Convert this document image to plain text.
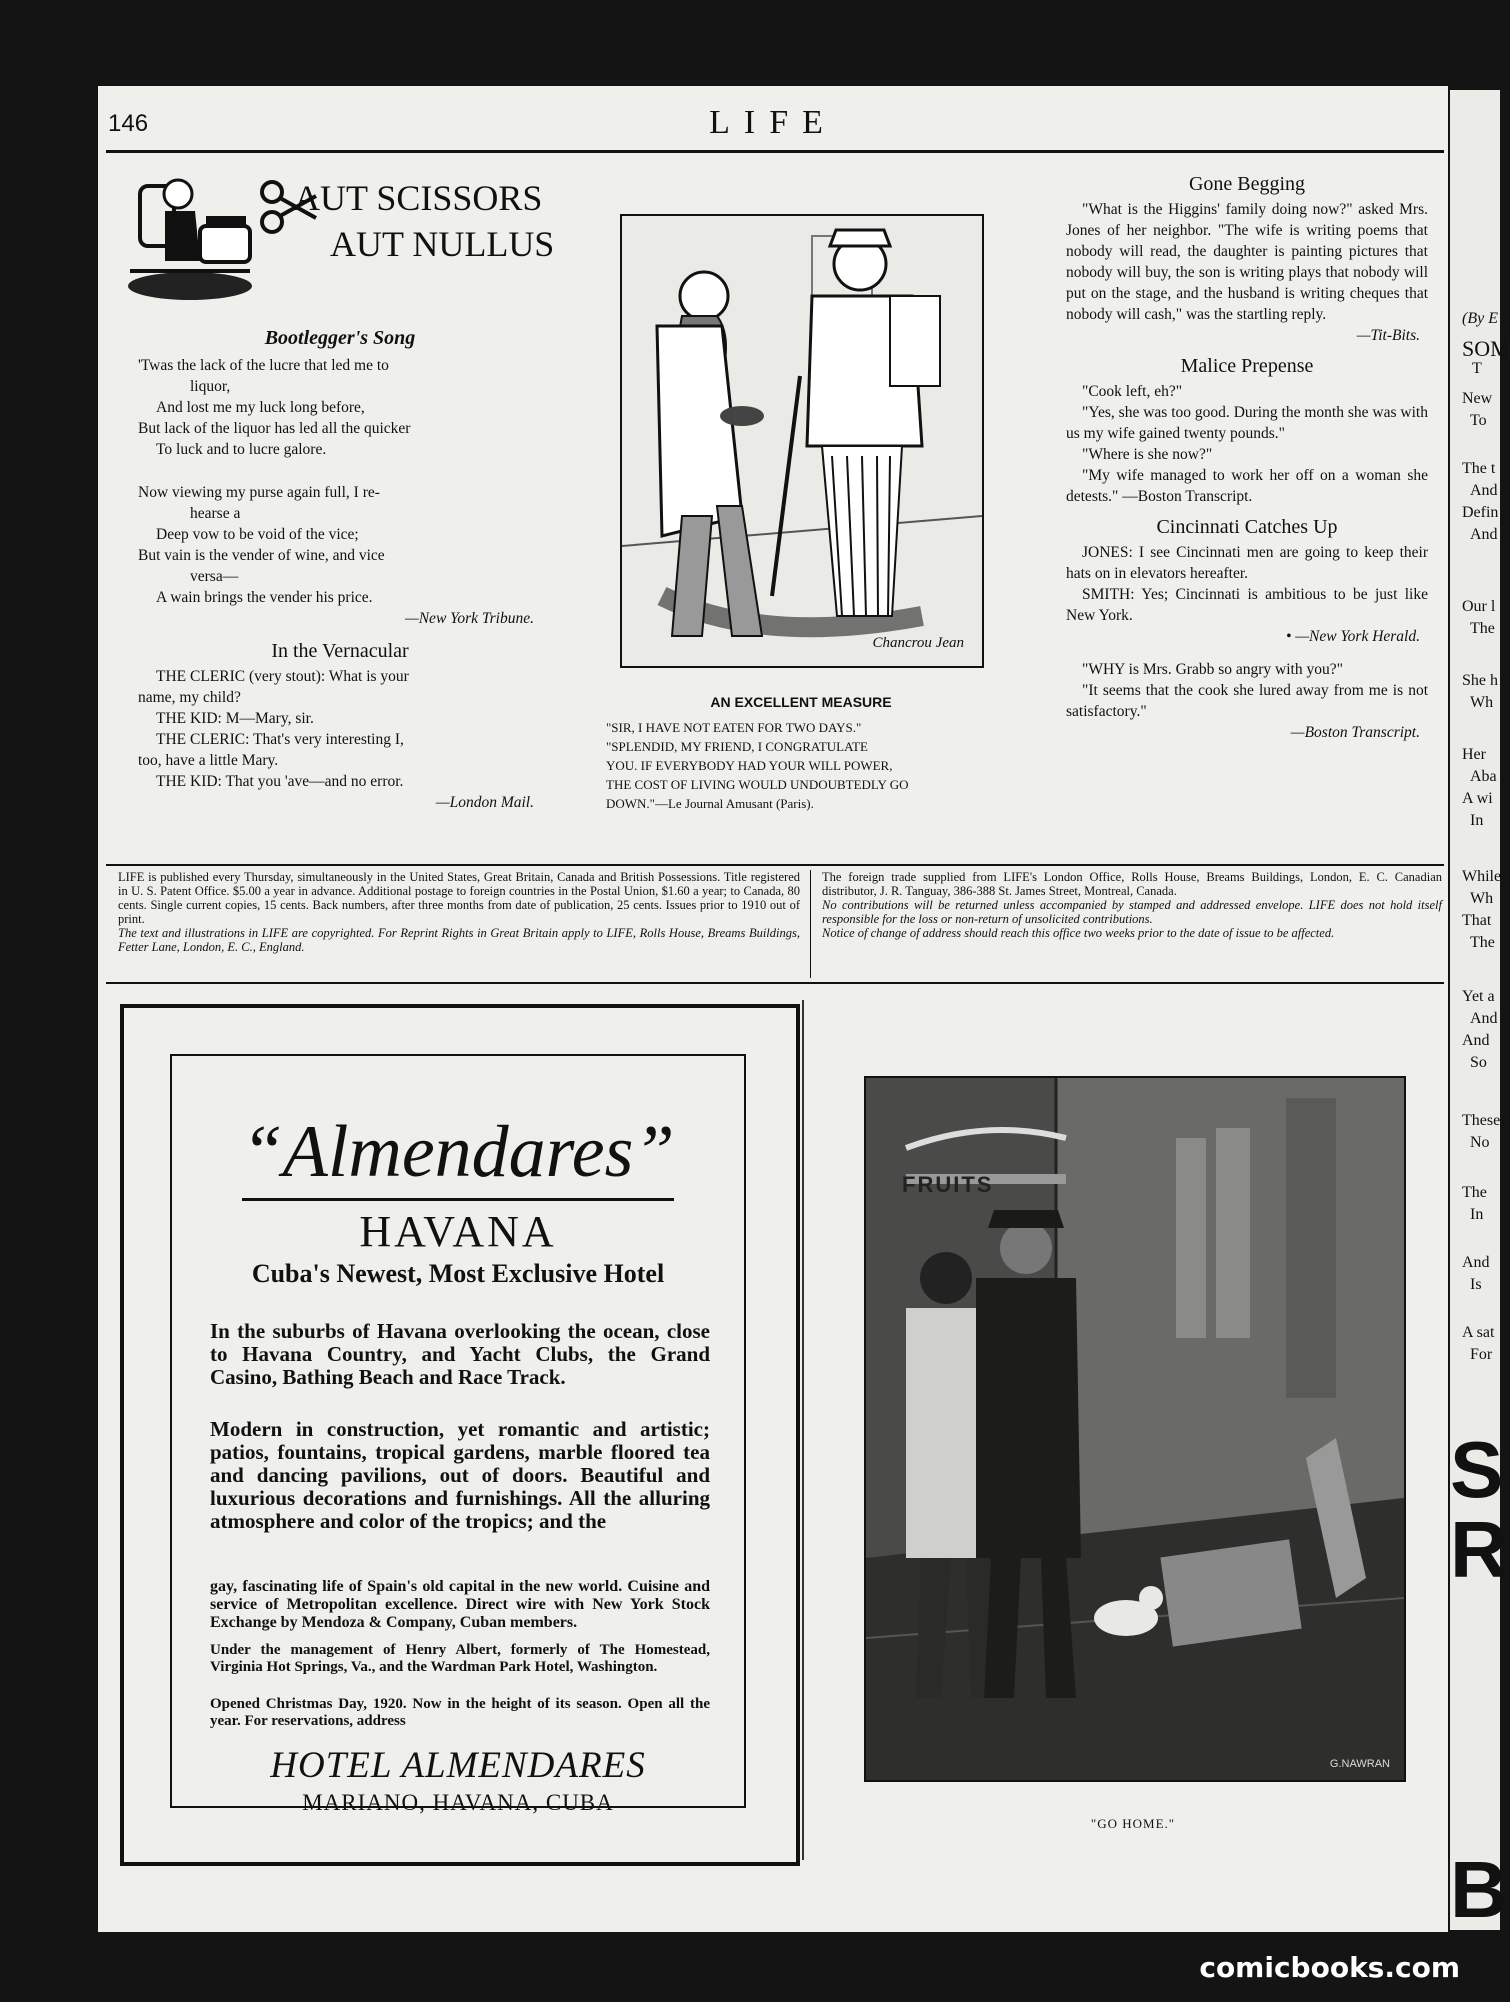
146	LIFE
AUT SCISSORS
AUT NULLUS
Bootlegger's Song
'Twas the lack of the lucre that led me to
liquor,
And lost me my luck long before,
But lack of the liquor has led all the quicker
To luck and to lucre galore.
Now viewing my purse again full, I re-
hearse a
Deep vow to be void of the vice;
But vain is the vender of wine, and vice
versa—
A wain brings the vender his price.
—New York Tribune.
In the Vernacular
THE CLERIC (very stout): What is your
name, my child?
THE KID: M—Mary, sir.
THE CLERIC: That's very interesting I,
too, have a little Mary.
THE KID: That you 'ave—and no error.
—London Mail.
Chancrou Jean
AN EXCELLENT MEASURE
"SIR, I HAVE NOT EATEN FOR TWO DAYS."
"SPLENDID, MY FRIEND, I CONGRATULATE
YOU. IF EVERYBODY HAD YOUR WILL POWER,
THE COST OF LIVING WOULD UNDOUBTEDLY GO
DOWN."—Le Journal Amusant (Paris).
Gone Begging

"What is the Higgins' family doing now?" asked Mrs. Jones of her neighbor. "The wife is writing poems that nobody will read, the daughter is painting pictures that nobody will buy, the son is writing plays that nobody will put on the stage, and the husband is writing cheques that nobody will cash," was the startling reply.

—Tit-Bits.
Malice Prepense

"Cook left, eh?"

"Yes, she was too good. During the month she was with us my wife gained twenty pounds."

"Where is she now?"

"My wife managed to work her off on a woman she detests." —Boston Transcript.

Cincinnati Catches Up

JONES: I see Cincinnati men are going to keep their hats on in elevators hereafter.

SMITH: Yes; Cincinnati is ambitious to be just like New York.

• —New York Herald.

"WHY is Mrs. Grabb so angry with you?"

"It seems that the cook she lured away from me is not satisfactory."

—Boston Transcript.
LIFE is published every Thursday, simultaneously in the United States, Great Britain, Canada and British Possessions. Title registered in U. S. Patent Office. $5.00 a year in advance. Additional postage to foreign countries in the Postal Union, $1.60 a year; to Canada, 80 cents. Single current copies, 15 cents. Back numbers, after three months from date of publication, 25 cents. Issues prior to 1910 out of print.
The text and illustrations in LIFE are copyrighted. For Reprint Rights in Great Britain apply to LIFE, Rolls House, Breams Buildings, Fetter Lane, London, E. C., England.
The foreign trade supplied from LIFE's London Office, Rolls House, Breams Buildings, London, E. C. Canadian distributor, J. R. Tanguay, 386-388 St. James Street, Montreal, Canada.
No contributions will be returned unless accompanied by stamped and addressed envelope. LIFE does not hold itself responsible for the loss or non-return of unsolicited contributions.
Notice of change of address should reach this office two weeks prior to the date of issue to be affected.
“Almendares”
HAVANA
Cuba's Newest, Most Exclusive Hotel
In the suburbs of Havana overlooking the ocean, close to Havana Country, and Yacht Clubs, the Grand Casino, Bathing Beach and Race Track.
Modern in construction, yet romantic and artistic; patios, fountains, tropical gardens, marble floored tea and dancing pavilions, out of doors. Beautiful and luxurious decorations and furnishings. All the alluring atmosphere and color of the tropics; and the
gay, fascinating life of Spain's old capital in the new world. Cuisine and service of Metropolitan excellence. Direct wire with New York Stock Exchange by Mendoza & Company, Cuban members.
Under the management of Henry Albert, formerly of The Homestead, Virginia Hot Springs, Va., and the Wardman Park Hotel, Washington.
Opened Christmas Day, 1920. Now in the height of its season. Open all the year. For reservations, address
HOTEL ALMENDARES
MARIANO, HAVANA, CUBA
FRUITS
G.NAWRAN
"GO HOME."
(By E
SOM
T
New
To
The t
And
Defin
And
Our l
The
She h
Wh
Her
Aba
A wi
In
While
Wh
That
The
Yet a
And
And
So
These
No
The
In
And
Is
A sat
For
S
R
B
comicbooks.com
